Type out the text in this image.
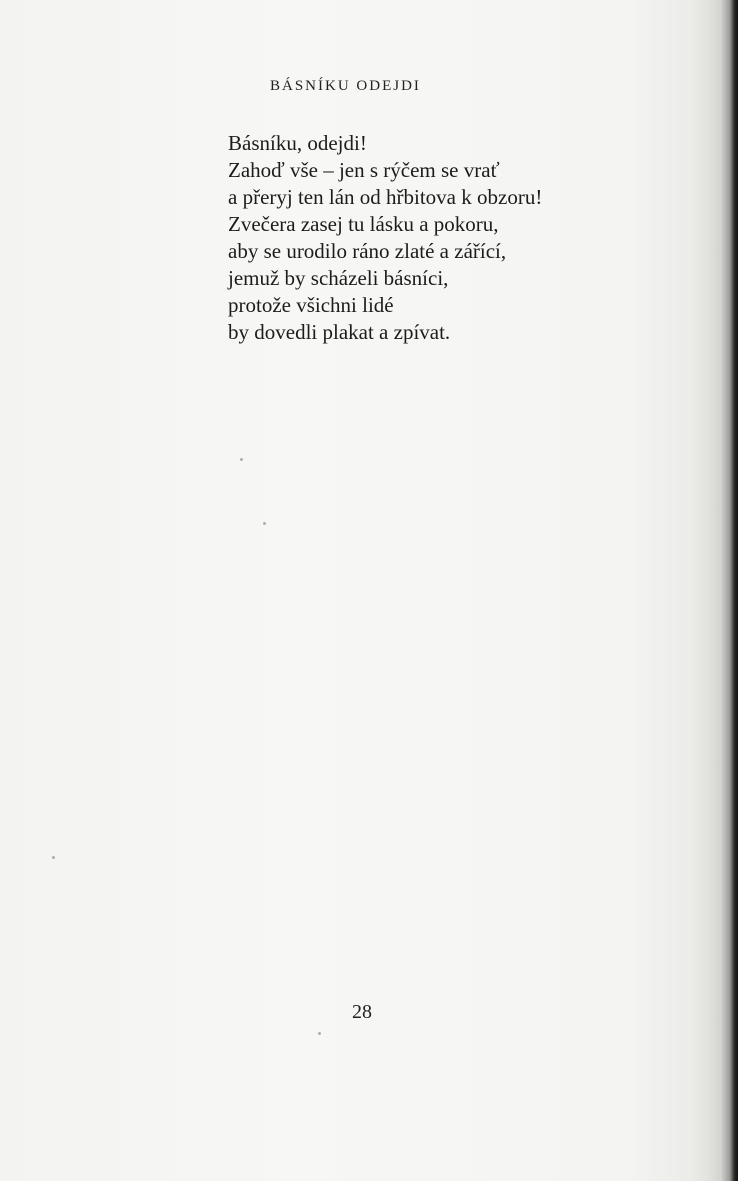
BÁSNÍKU ODEJDI
Básníku, odejdi!
Zahoď vše – jen s rýčem se vrať
a přeryj ten lán od hřbitova k obzoru!
Zvečera zasej tu lásku a pokoru,
aby se urodilo ráno zlaté a zářící,
jemuž by scházeli básníci,
protože všichni lidé
by dovedli plakat a zpívat.
28
